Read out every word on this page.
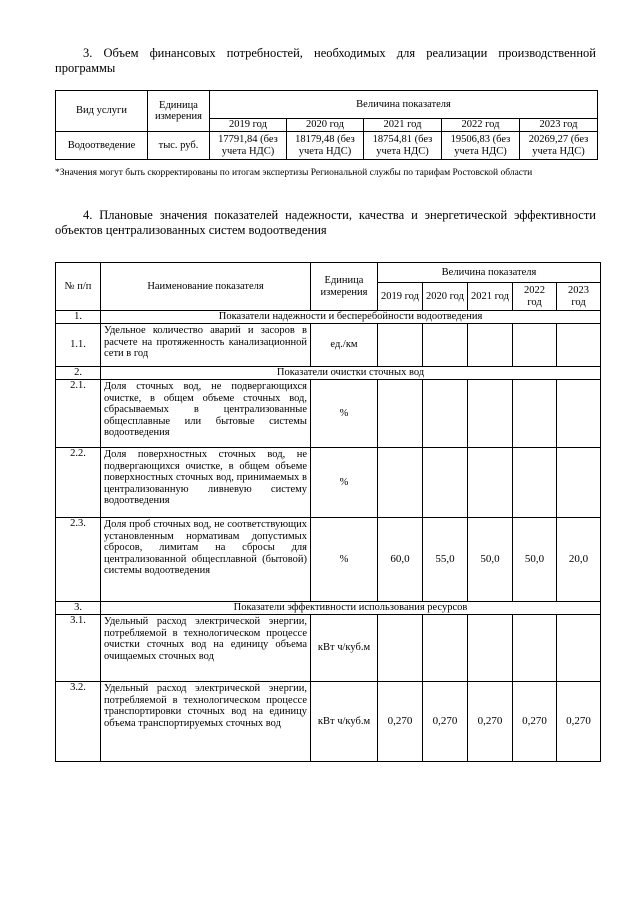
3. Объем финансовых потребностей, необходимых для реализации производственной программы
Вид услуги	Единица измерения	Величина показателя				
		2019 год	2020 год	2021 год	2022 год	2023 год
Водоотведение	тыс. руб.	17791,84 (без учета НДС)	18179,48 (без учета НДС)	18754,81 (без учета НДС)	19506,83 (без учета НДС)	20269,27 (без учета НДС)
*Значения могут быть скорректированы по итогам экспертизы Региональной службы по тарифам Ростовской области
4. Плановые значения показателей надежности, качества и энергетической эффективности объектов централизованных систем водоотведения
№ п/п	Наименование показателя	Единица измерения	Величина показателя				
			2019 год	2020 год	2021 год	2022 год	2023 год
1.	Показатели надежности и бесперебойности водоотведения						
1.1.	Удельное количество аварий и засоров в расчете на протяженность канализационной сети в год	ед./км					
2.	Показатели очистки сточных вод						
2.1.	Доля сточных вод, не подвергающихся очистке, в общем объеме сточных вод, сбрасываемых в централизованные общесплавные или бытовые системы водоотведения	%					
2.2.	Доля поверхностных сточных вод, не подвергающихся очистке, в общем объеме поверхностных сточных вод, принимаемых в централизованную ливневую систему водоотведения	%					
2.3.	Доля проб сточных вод, не соответствующих установленным нормативам допустимых сбросов, лимитам на сбросы для централизованной общесплавной (бытовой) системы водоотведения	%	60,0	55,0	50,0	50,0	20,0
3.	Показатели эффективности использования ресурсов						
3.1.	Удельный расход электрической энергии, потребляемой в технологическом процессе очистки сточных вод на единицу объема очищаемых сточных вод	кВт ч/куб.м					
3.2.	Удельный расход электрической энергии, потребляемой в технологическом процессе транспортировки сточных вод на единицу объема транспортируемых сточных вод	кВт ч/куб.м	0,270	0,270	0,270	0,270	0,270
